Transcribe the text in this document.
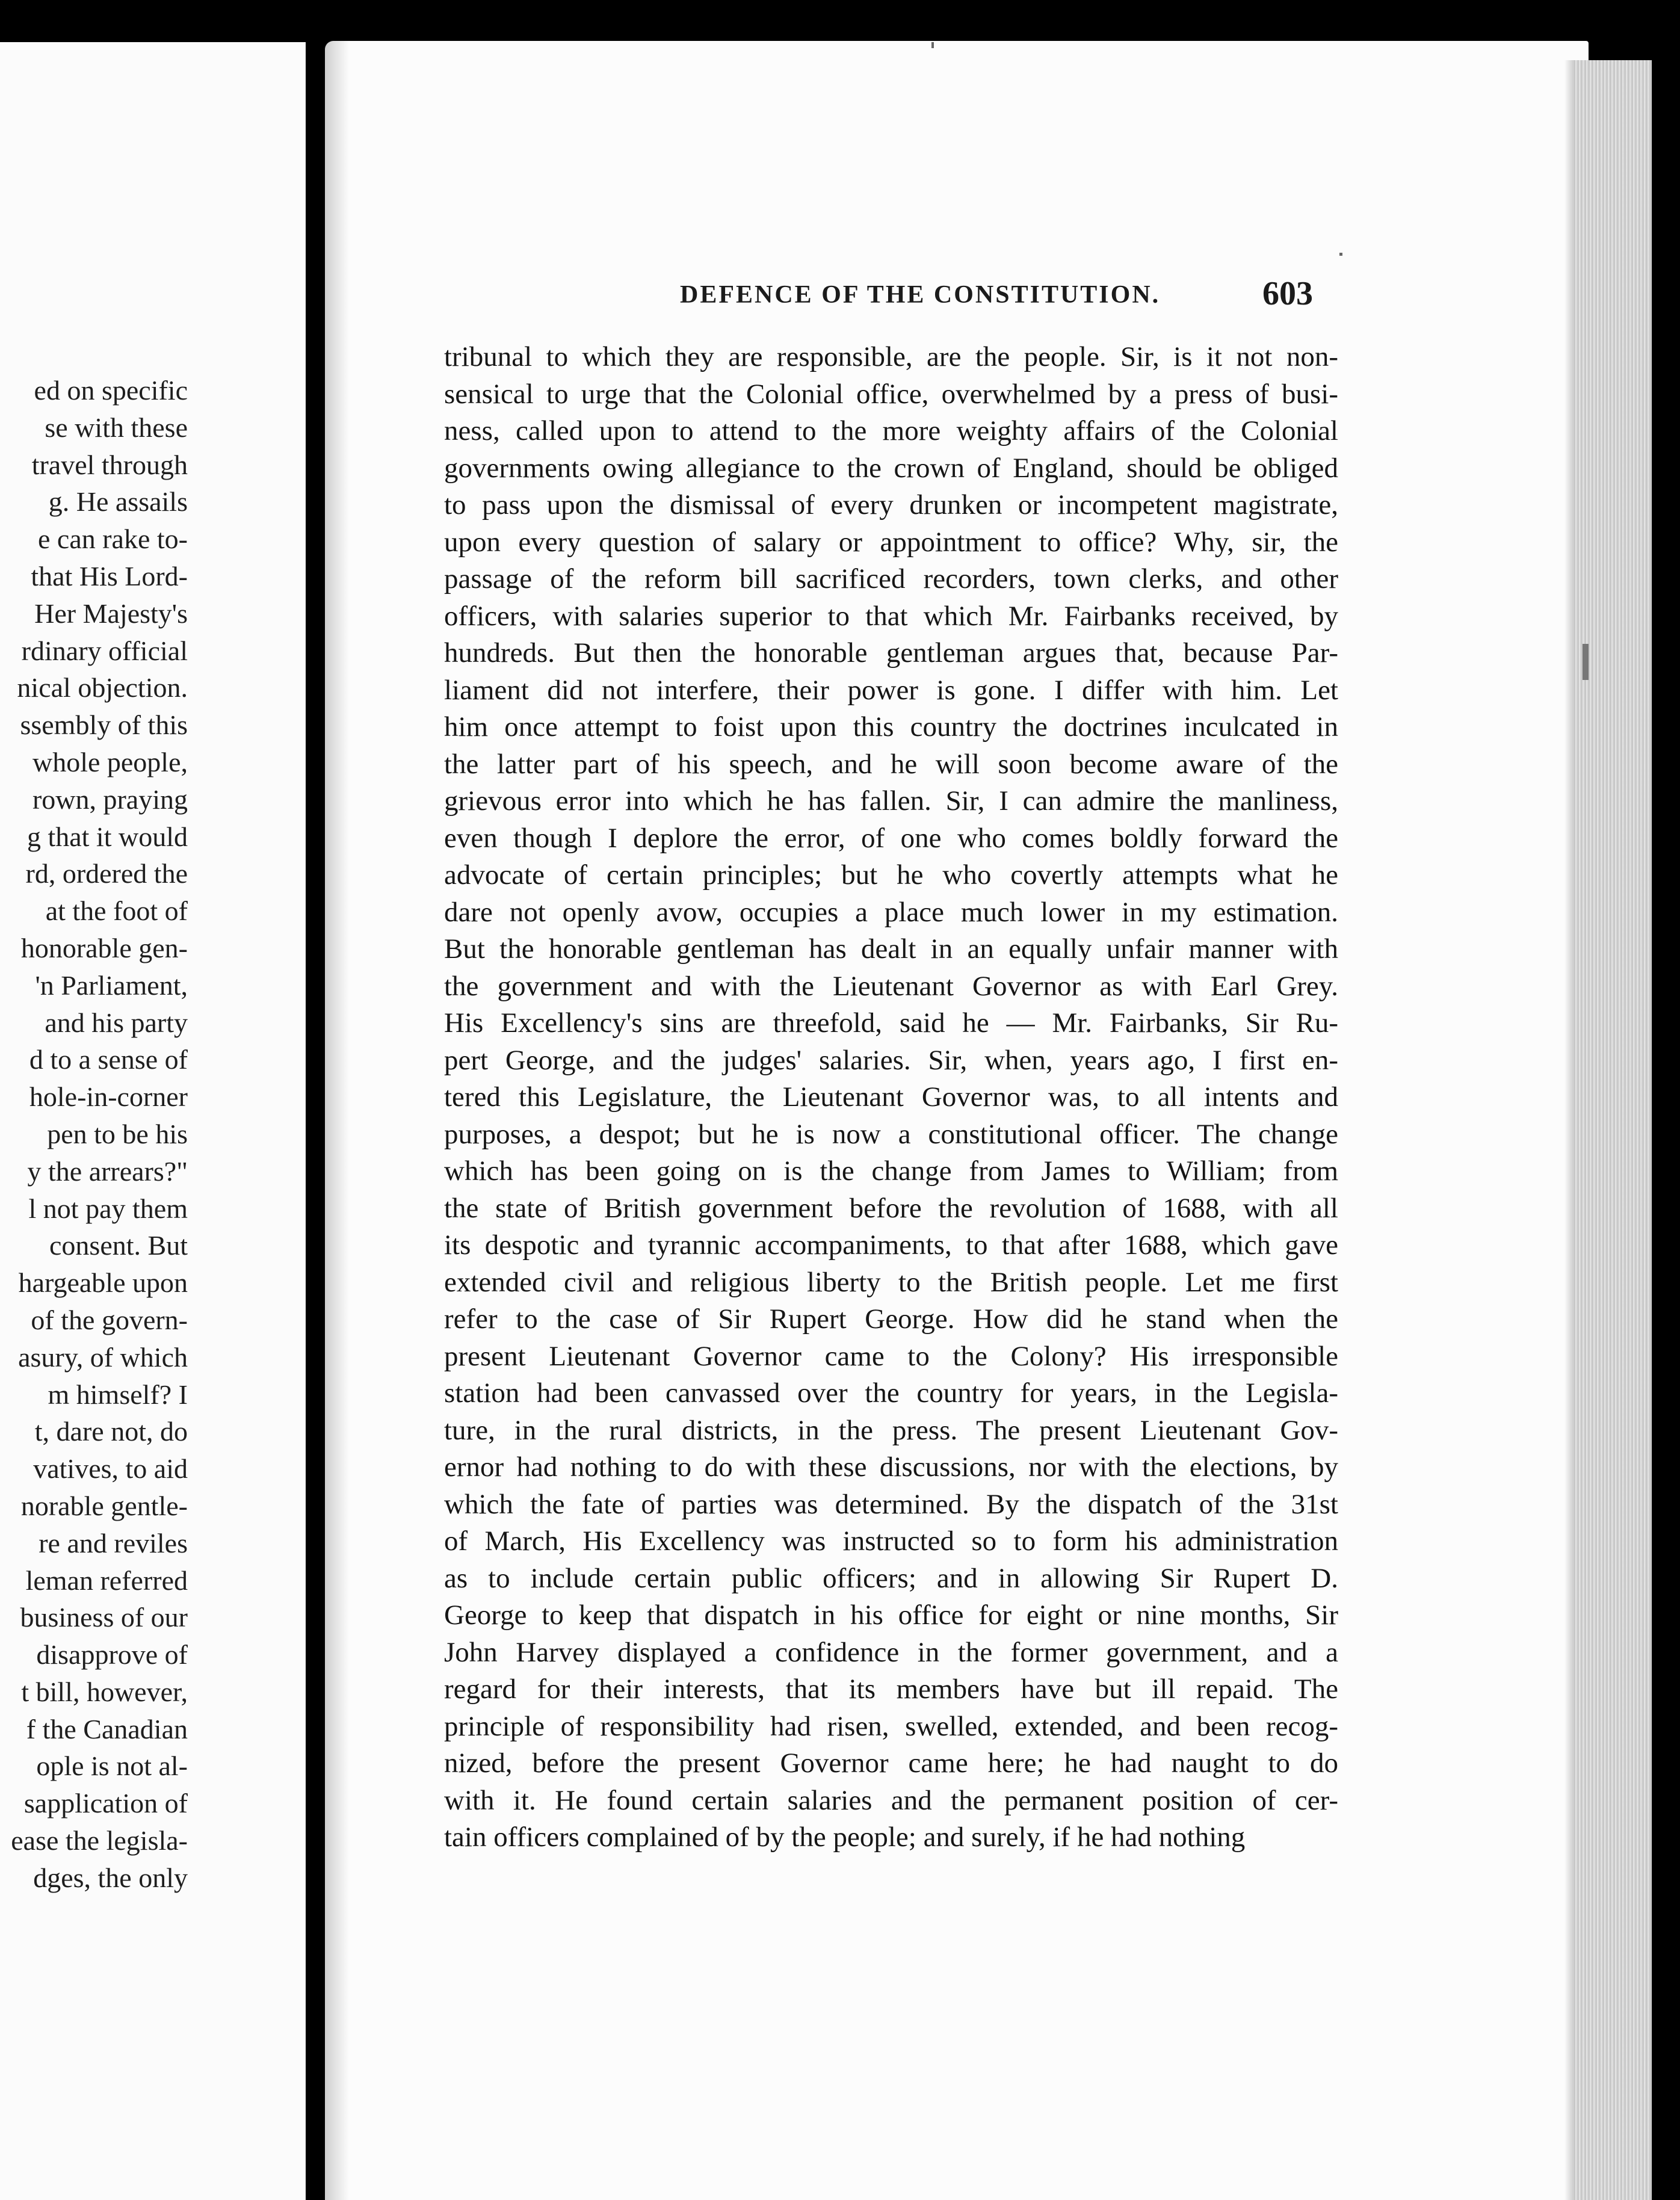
ed on specific
se with these
travel through
g. He assails
e can rake to-
that His Lord-
Her Majesty's
rdinary official
nical objection.
ssembly of this
whole people,
rown, praying
g that it would
rd, ordered the
at the foot of
honorable gen-
'n Parliament,
and his party
d to a sense of
hole-in-corner
pen to be his
y the arrears?"
l not pay them
consent. But
hargeable upon
of the govern-
asury, of which
m himself? I
t, dare not, do
vatives, to aid
norable gentle-
re and reviles
leman referred
business of our
disapprove of
t bill, however,
f the Canadian
ople is not al-
sapplication of
ease the legisla-
dges, the only
DEFENCE OF THE CONSTITUTION.	603
tribunal to which they are responsible, are the people. Sir, is it not non-
sensical to urge that the Colonial office, overwhelmed by a press of busi-
ness, called upon to attend to the more weighty affairs of the Colonial
governments owing allegiance to the crown of England, should be obliged
to pass upon the dismissal of every drunken or incompetent magistrate,
upon every question of salary or appointment to office? Why, sir, the
passage of the reform bill sacrificed recorders, town clerks, and other
officers, with salaries superior to that which Mr. Fairbanks received, by
hundreds. But then the honorable gentleman argues that, because Par-
liament did not interfere, their power is gone. I differ with him. Let
him once attempt to foist upon this country the doctrines inculcated in
the latter part of his speech, and he will soon become aware of the
grievous error into which he has fallen. Sir, I can admire the manliness,
even though I deplore the error, of one who comes boldly forward the
advocate of certain principles; but he who covertly attempts what he
dare not openly avow, occupies a place much lower in my estimation.
But the honorable gentleman has dealt in an equally unfair manner with
the government and with the Lieutenant Governor as with Earl Grey.
His Excellency's sins are threefold, said he — Mr. Fairbanks, Sir Ru-
pert George, and the judges' salaries. Sir, when, years ago, I first en-
tered this Legislature, the Lieutenant Governor was, to all intents and
purposes, a despot; but he is now a constitutional officer. The change
which has been going on is the change from James to William; from
the state of British government before the revolution of 1688, with all
its despotic and tyrannic accompaniments, to that after 1688, which gave
extended civil and religious liberty to the British people. Let me first
refer to the case of Sir Rupert George. How did he stand when the
present Lieutenant Governor came to the Colony? His irresponsible
station had been canvassed over the country for years, in the Legisla-
ture, in the rural districts, in the press. The present Lieutenant Gov-
ernor had nothing to do with these discussions, nor with the elections, by
which the fate of parties was determined. By the dispatch of the 31st
of March, His Excellency was instructed so to form his administration
as to include certain public officers; and in allowing Sir Rupert D.
George to keep that dispatch in his office for eight or nine months, Sir
John Harvey displayed a confidence in the former government, and a
regard for their interests, that its members have but ill repaid. The
principle of responsibility had risen, swelled, extended, and been recog-
nized, before the present Governor came here; he had naught to do
with it. He found certain salaries and the permanent position of cer-
tain officers complained of by the people; and surely, if he had nothing
